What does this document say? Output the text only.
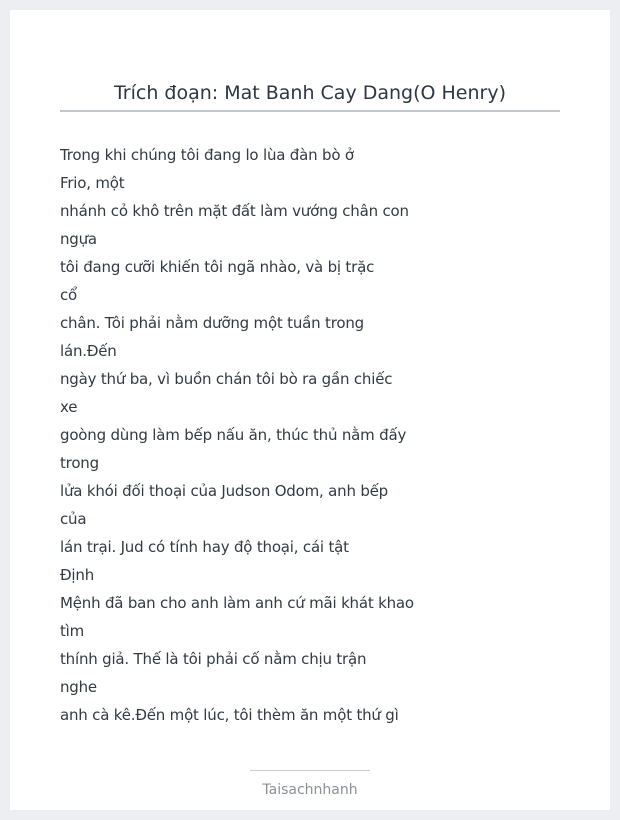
Trích đoạn: Mat Banh Cay Dang(O Henry)
Trong khi chúng tôi đang lo lùa đàn bò ở
Frio, một
nhánh cỏ khô trên mặt đất làm vướng chân con
ngựa
tôi đang cưỡi khiến tôi ngã nhào, và bị trặc
cổ
chân. Tôi phải nằm dưỡng một tuần trong
lán.Đến
ngày thứ ba, vì buồn chán tôi bò ra gần chiếc
xe
goòng dùng làm bếp nấu ăn, thúc thủ nằm đấy
trong
lửa khói đối thoại của Judson Odom, anh bếp
của
lán trại. Jud có tính hay độ thoại, cái tật
Định
Mệnh đã ban cho anh làm anh cứ mãi khát khao
tìm
thính giả. Thế là tôi phải cố nằm chịu trận
nghe
anh cà kê.Đến một lúc, tôi thèm ăn một thứ gì
Taisachnhanh
